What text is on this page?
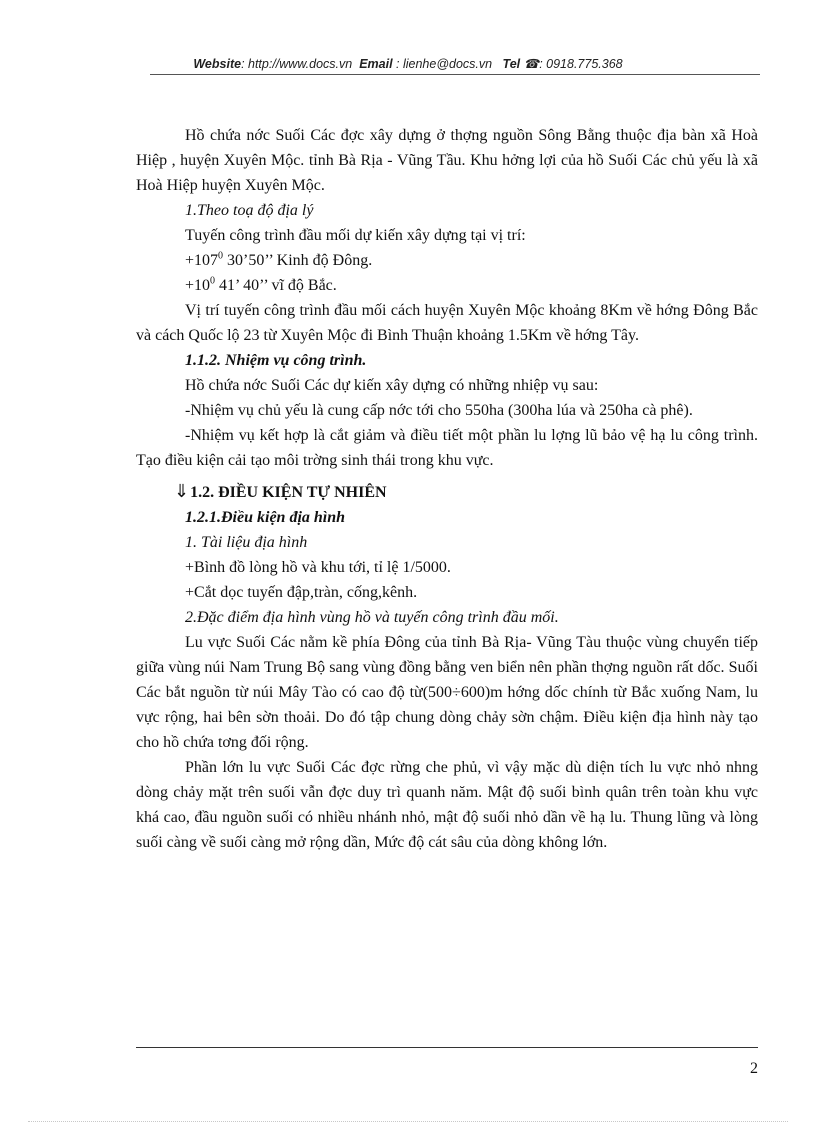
Website: http://www.docs.vn Email : lienhe@docs.vn Tel ☎: 0918.775.368

Hồ chứa nớc Suối Các đợc xây dựng ở thợng nguồn Sông Bằng thuộc địa bàn xã Hoà Hiệp , huyện Xuyên Mộc. tỉnh Bà Rịa - Vũng Tầu. Khu hởng lợi của hồ Suối Các chủ yếu là xã Hoà Hiệp huyện Xuyên Mộc.

1.Theo toạ độ địa lý

Tuyến công trình đầu mối dự kiến xây dựng tại vị trí:

$+107^0$ 30’50’’ Kinh độ Đông.

$+10^0$ 41’ 40’’ vĩ độ Bắc.

Vị trí tuyến công trình đầu mối cách huyện Xuyên Mộc khoảng 8Km về hớng Đông Bắc và cách Quốc lộ 23 từ Xuyên Mộc đi Bình Thuận khoảng 1.5Km về hớng Tây.

1.1.2. Nhiệm vụ công trình.

Hồ chứa nớc Suối Các dự kiến xây dựng có những nhiệp vụ sau:

-Nhiệm vụ chủ yếu là cung cấp nớc tới cho 550ha (300ha lúa và 250ha cà phê).

-Nhiệm vụ kết hợp là cắt giảm và điều tiết một phần lu lợng lũ bảo vệ hạ lu công trình. Tạo điều kiện cải tạo môi trờng sinh thái trong khu vực.

⇓1.2. ĐIỀU KIỆN TỰ NHIÊN

1.2.1.Điều kiện địa hình

1. Tài liệu địa hình

+Bình đồ lòng hồ và khu tới, tỉ lệ 1/5000.

+Cắt dọc tuyến đập,tràn, cống,kênh.

2.Đặc điểm địa hình vùng hồ và tuyến công trình đầu mối.

Lu vực Suối Các nằm kề phía Đông của tỉnh Bà Rịa- Vũng Tàu thuộc vùng chuyển tiếp giữa vùng núi Nam Trung Bộ sang vùng đồng bằng ven biển nên phần thợng nguồn rất dốc. Suối Các bắt nguồn từ núi Mây Tào có cao độ từ(500÷600)m hớng dốc chính từ Bắc xuống Nam, lu vực rộng, hai bên sờn thoải. Do đó tập chung dòng chảy sờn chậm. Điều kiện địa hình này tạo cho hồ chứa tơng đối rộng.

Phần lớn lu vực Suối Các đợc rừng che phủ, vì vậy mặc dù diện tích lu vực nhỏ nhng dòng chảy mặt trên suối vẫn đợc duy trì quanh năm. Mật độ suối bình quân trên toàn khu vực khá cao, đầu nguồn suối có nhiều nhánh nhỏ, mật độ suối nhỏ dần về hạ lu. Thung lũng và lòng suối càng về suối càng mở rộng dần, Mức độ cát sâu của dòng không lớn.

2
